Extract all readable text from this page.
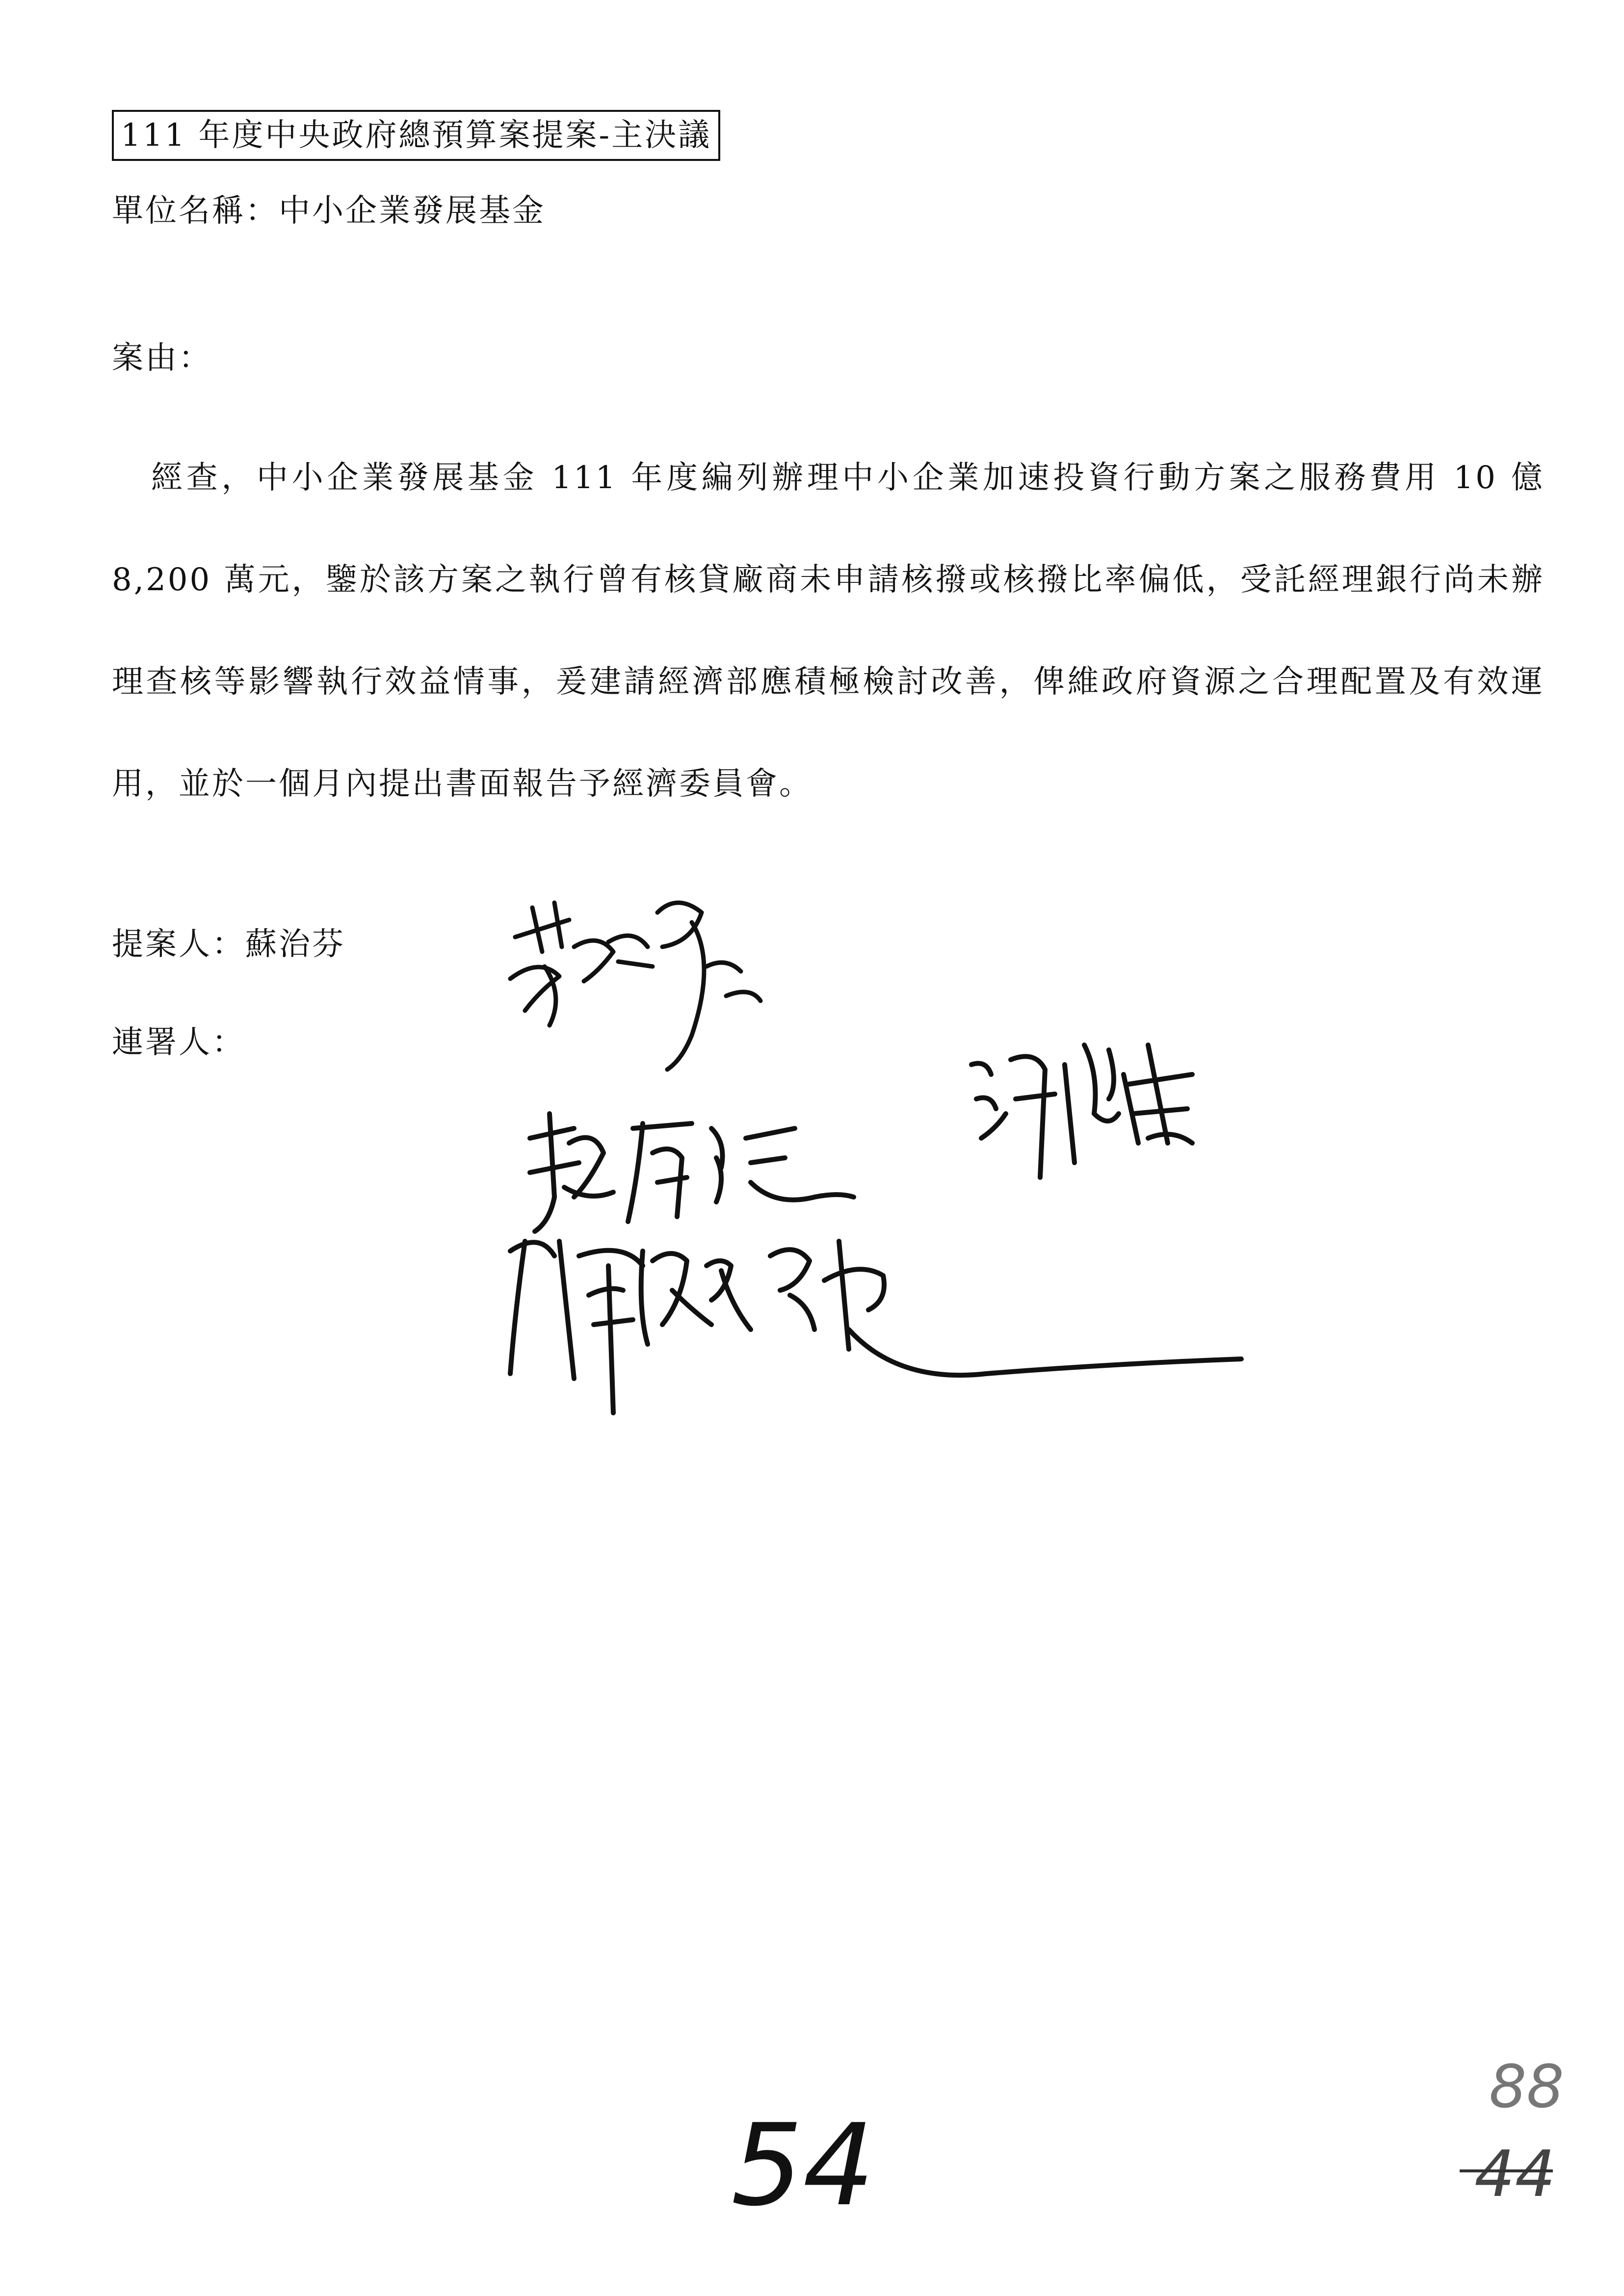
111 年度中央政府總預算案提案-主決議
單位名稱：中小企業發展基金
案由：

經查，中小企業發展基金 111 年度編列辦理中小企業加速投資行動方案之服務費用 10 億 8,200 萬元，鑒於該方案之執行曾有核貸廠商未申請核撥或核撥比率偏低，受託經理銀行尚未辦理查核等影響執行效益情事，爰建請經濟部應積極檢討改善，俾維政府資源之合理配置及有效運用，並於一個月內提出書面報告予經濟委員會。

提案人：蘇治芬
連署人：
54
88
44
